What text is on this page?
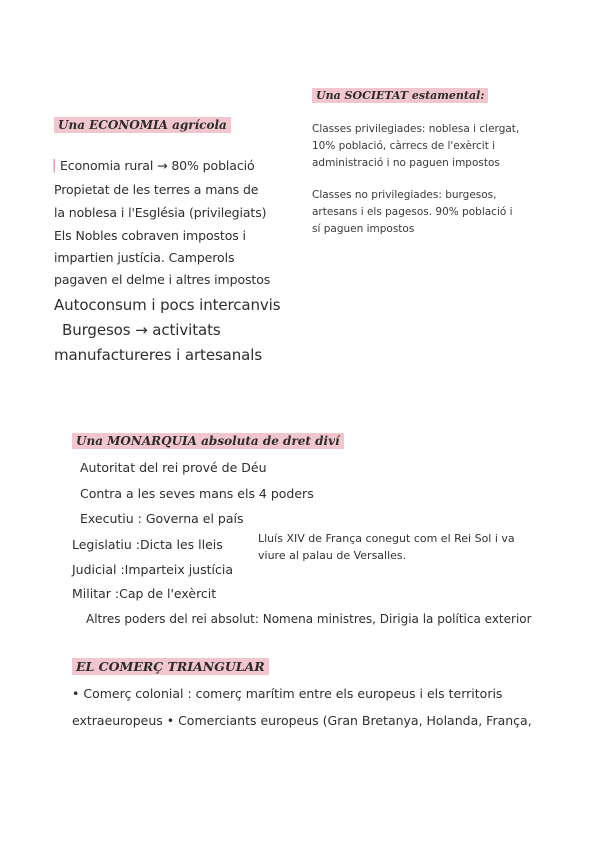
Una ECONOMIA agrícola
| Economia rural → 80% població
Propietat de les terres a mans de
la noblesa i l'Església (privilegiats)
Els Nobles cobraven impostos i
impartien justícia. Camperols
pagaven el delme i altres impostos
Autoconsum i pocs intercanvis
Burgesos → activitats
manufactureres i artesanals
Una SOCIETAT estamental:
Classes privilegiades: noblesa i clergat,
10% població, càrrecs de l'exèrcit i
administració i no paguen impostos
Classes no privilegiades: burgesos,
artesans i els pagesos. 90% població i
sí paguen impostos
Una MONARQUIA absoluta de dret diví
Autoritat del rei prové de Déu
Contra a les seves mans els 4 poders
Executiu : Governa el país
Legislatiu :Dicta les lleis
Judicial :Imparteix justícia
Militar :Cap de l'exèrcit
Altres poders del rei absolut: Nomena ministres, Dirigia la política exterior
Lluís XIV de França conegut com el Rei Sol i va
viure al palau de Versalles.
EL COMERÇ TRIANGULAR
• Comerç colonial : comerç marítim entre els europeus i els territoris
extraeuropeus • Comerciants europeus (Gran Bretanya, Holanda, França,
